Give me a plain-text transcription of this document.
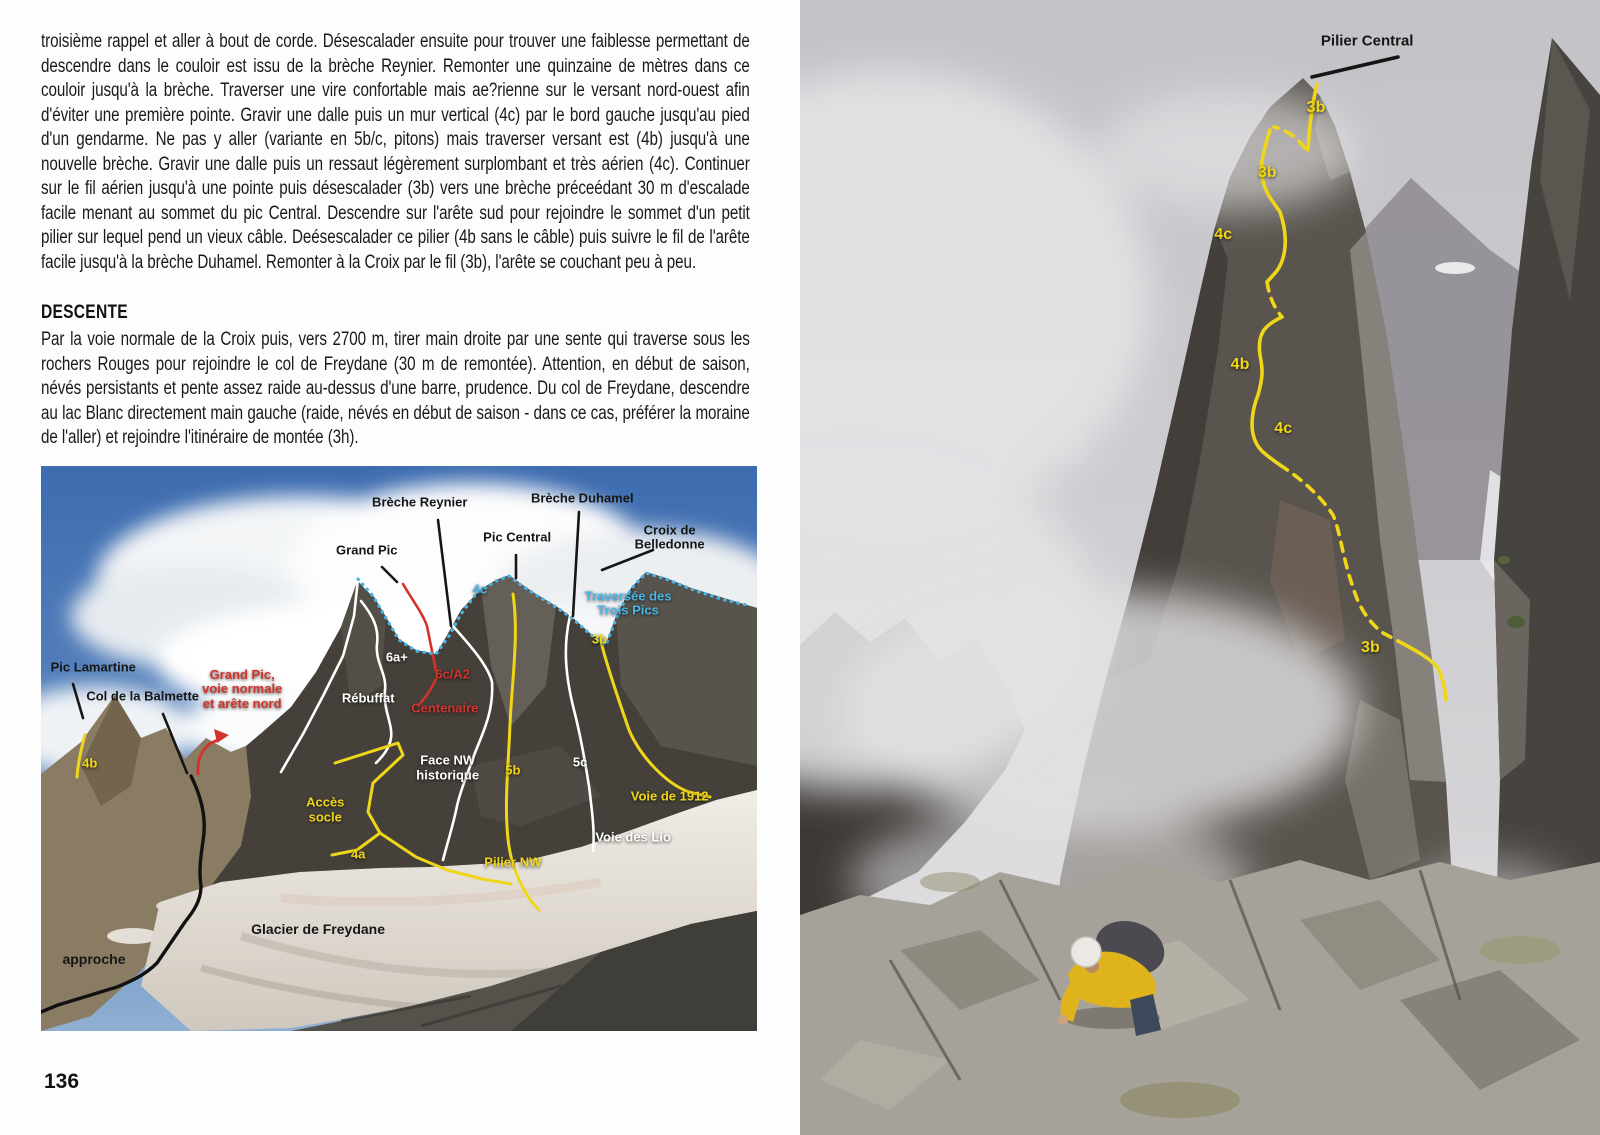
troisième rappel et aller à bout de corde. Désescalader ensuite pour trouver une faiblesse permettant de descendre dans le couloir est issu de la brèche Reynier. Remonter une quinzaine de mètres dans ce couloir jusqu'à la brèche. Traverser une vire confortable mais ae?rienne sur le versant nord-ouest afin d'éviter une première pointe. Gravir une dalle puis un mur vertical (4c) par le bord gauche jusqu'au pied d'un gendarme. Ne pas y aller (variante en 5b/c, pitons) mais traverser versant est (4b) jusqu'à une nouvelle brèche. Gravir une dalle puis un ressaut légèrement surplombant et très aérien (4c). Continuer sur le fil aérien jusqu'à une pointe puis désescalader (3b) vers une brèche préceédant 30 m d'escalade facile menant au sommet du pic Central. Descendre sur l'arête sud pour rejoindre le sommet d'un petit pilier sur lequel pend un vieux câble. Deésescalader ce pilier (4b sans le câble) puis suivre le fil de l'arête facile jusqu'à la brèche Duhamel. Remonter à la Croix par le fil (3b), l'arête se couchant peu à peu.

DESCENTE

Par la voie normale de la Croix puis, vers 2700 m, tirer main droite par une sente qui traverse sous les rochers Rouges pour rejoindre le col de Freydane (30 m de remontée). Attention, en début de saison, névés persistants et pente assez raide au-dessus d'une barre, prudence. Du col de Freydane, descendre au lac Blanc directement main gauche (raide, névés en début de saison - dans ce cas, préférer la moraine de l'aller) et rejoindre l'itinéraire de montée (3h).

Grand Pic
Brèche Reynier
Pic Central
Brèche Duhamel
Croix de Belledonne
Pic Lamartine
Col de la Balmette
Grand Pic,
voie normale
et arête nord
4b
6a+
Rébuffat
6c/A2
Centenaire
Face NW
historique
4c	Traversée des
Trois Pics
3b
5b
5c
Voie de 1912
Voie des Lio
Accès
socle
4a
Pilier NW
Glacier de Freydane
approche
136
Pilier Central
3b
3b
4c
4b
4c
3b
